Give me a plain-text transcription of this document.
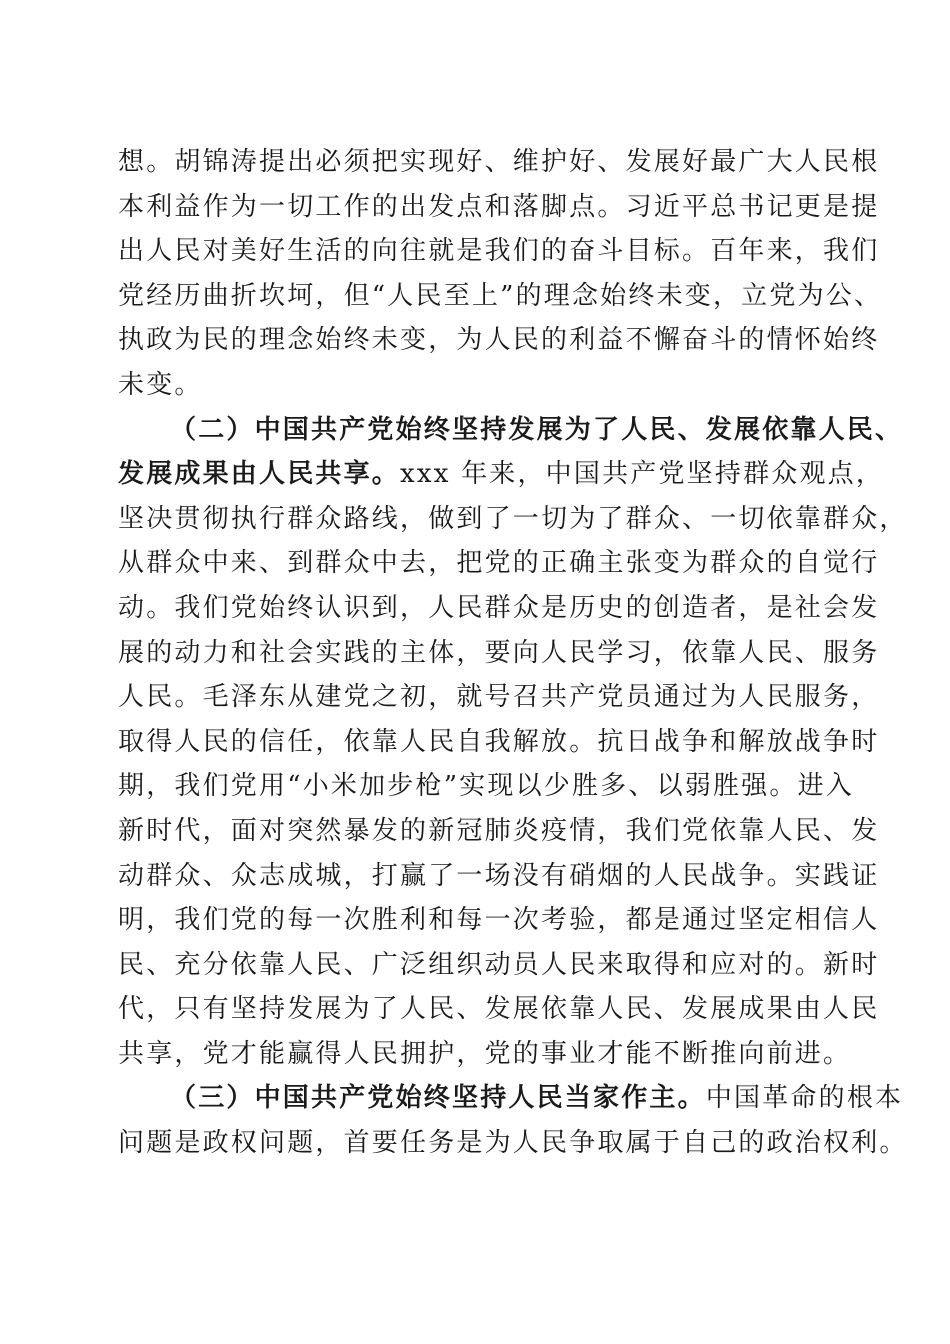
想。胡锦涛提出必须把实现好、维护好、发展好最广大人民根
本利益作为一切工作的出发点和落脚点。习近平总书记更是提
出人民对美好生活的向往就是我们的奋斗目标。百年来，我们
党经历曲折坎坷，但“人民至上”的理念始终未变，立党为公、
执政为民的理念始终未变，为人民的利益不懈奋斗的情怀始终
未变。
（二）中国共产党始终坚持发展为了人民、发展依靠人民、
发展成果由人民共享。xxx 年来，中国共产党坚持群众观点，
坚决贯彻执行群众路线，做到了一切为了群众、一切依靠群众，
从群众中来、到群众中去，把党的正确主张变为群众的自觉行
动。我们党始终认识到，人民群众是历史的创造者，是社会发
展的动力和社会实践的主体，要向人民学习，依靠人民、服务
人民。毛泽东从建党之初，就号召共产党员通过为人民服务，
取得人民的信任，依靠人民自我解放。抗日战争和解放战争时
期，我们党用“小米加步枪”实现以少胜多、以弱胜强。进入
新时代，面对突然暴发的新冠肺炎疫情，我们党依靠人民、发
动群众、众志成城，打赢了一场没有硝烟的人民战争。实践证
明，我们党的每一次胜利和每一次考验，都是通过坚定相信人
民、充分依靠人民、广泛组织动员人民来取得和应对的。新时
代，只有坚持发展为了人民、发展依靠人民、发展成果由人民
共享，党才能赢得人民拥护，党的事业才能不断推向前进。
（三）中国共产党始终坚持人民当家作主。中国革命的根本
问题是政权问题，首要任务是为人民争取属于自己的政治权利。
